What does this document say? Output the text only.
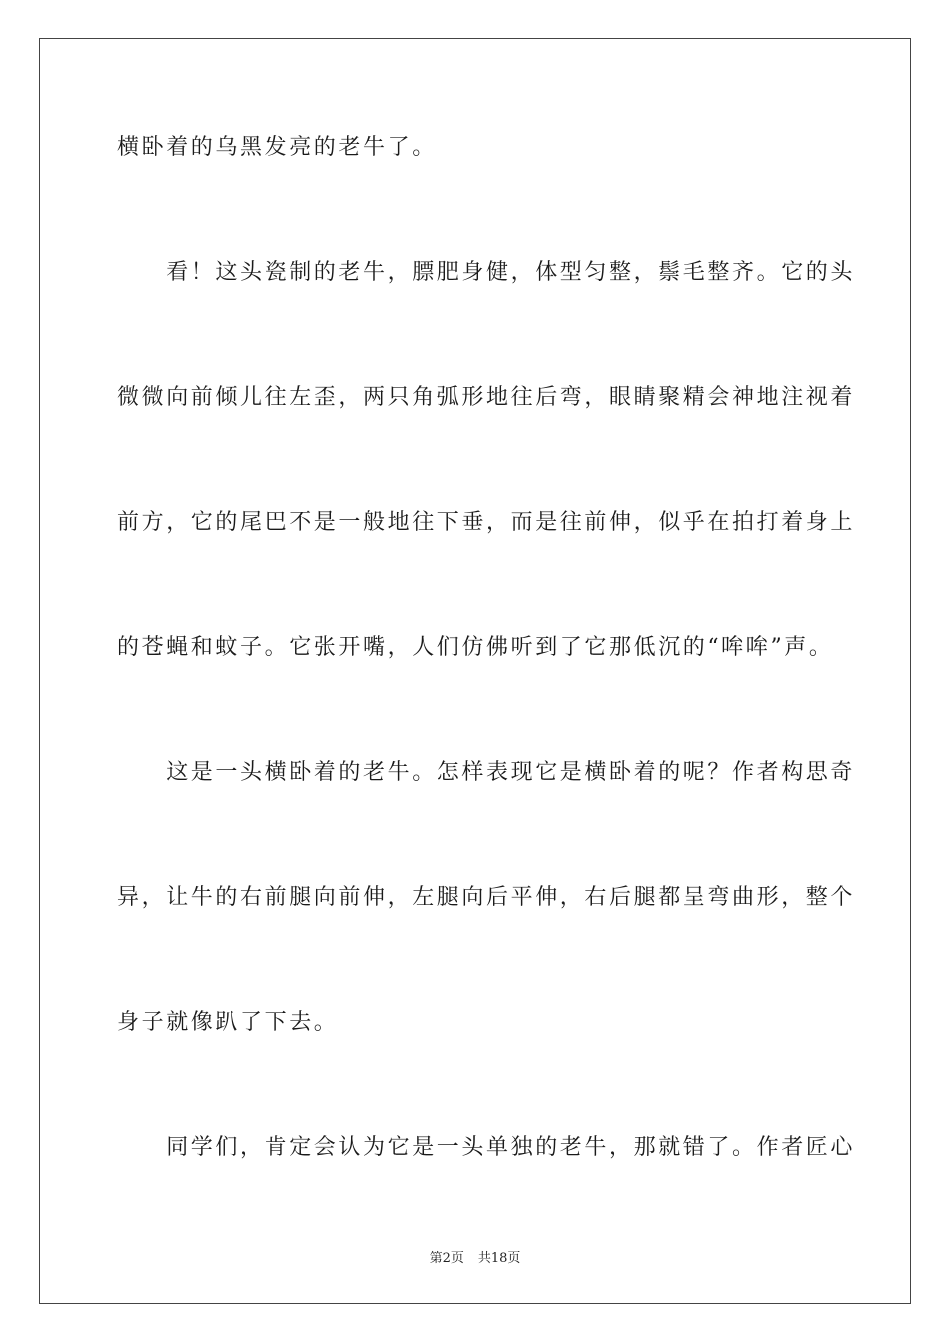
横卧着的乌黑发亮的老牛了。
　　看！这头瓷制的老牛，膘肥身健，体型匀整，鬃毛整齐。它的头
微微向前倾儿往左歪，两只角弧形地往后弯，眼睛聚精会神地注视着
前方，它的尾巴不是一般地往下垂，而是往前伸，似乎在拍打着身上
的苍蝇和蚊子。它张开嘴，人们仿佛听到了它那低沉的“哞哞”声。
　　这是一头横卧着的老牛。怎样表现它是横卧着的呢？作者构思奇
异，让牛的右前腿向前伸，左腿向后平伸，右后腿都呈弯曲形，整个
身子就像趴了下去。
　　同学们，肯定会认为它是一头单独的老牛，那就错了。作者匠心
第2页 共18页
